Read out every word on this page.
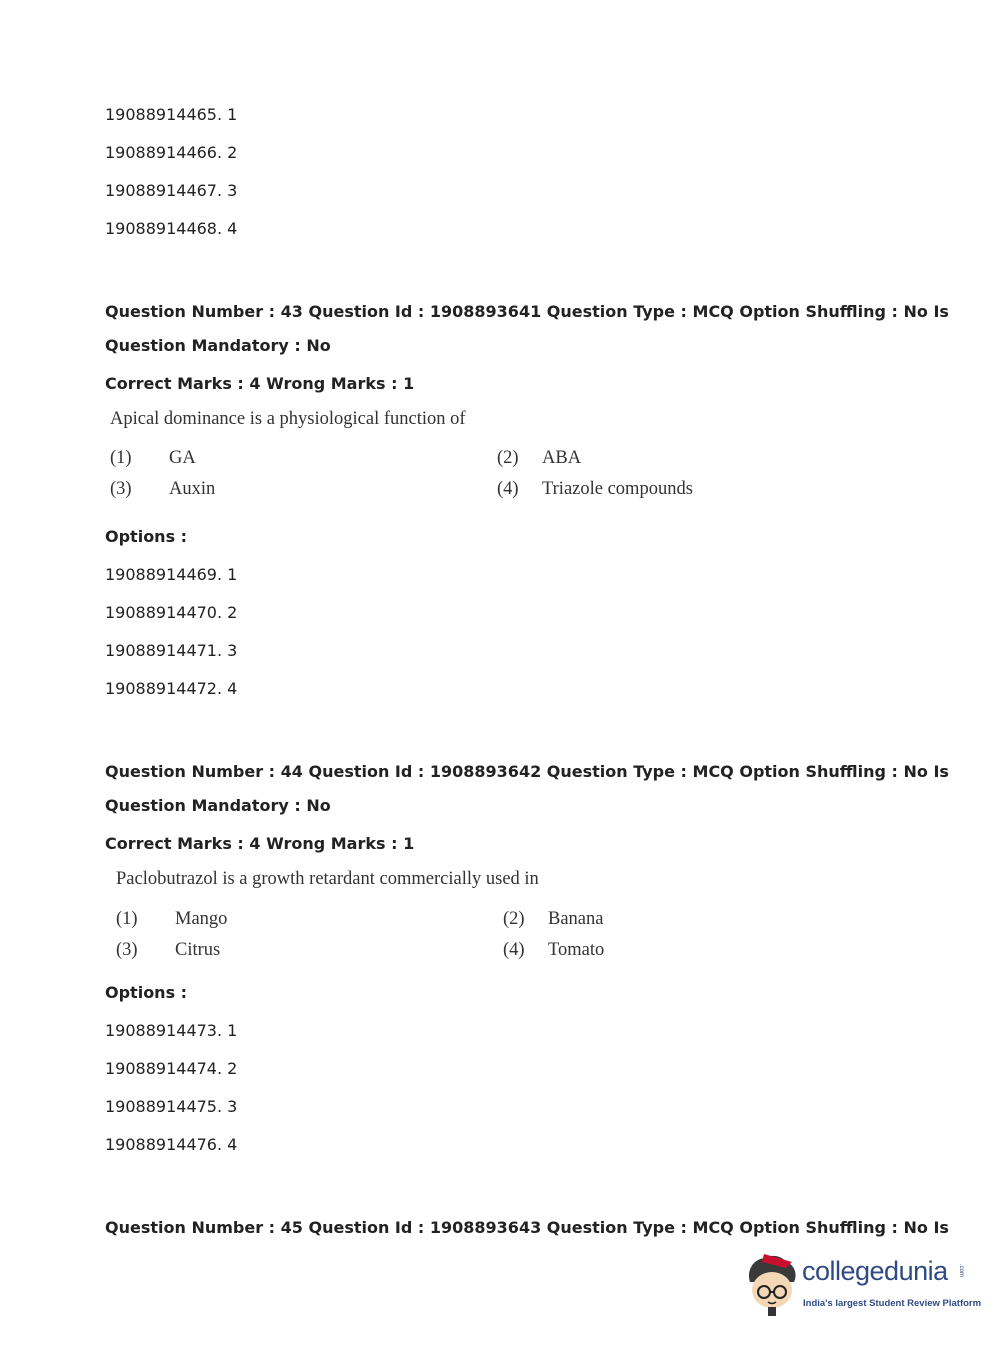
19088914465. 1
19088914466. 2
19088914467. 3
19088914468. 4
Question Number : 43 Question Id : 1908893641 Question Type : MCQ Option Shuffling : No Is
Question Mandatory : No
Correct Marks : 4 Wrong Marks : 1
Apical dominance is a physiological function of
(1) GA	(2) ABA
(3) Auxin	(4) Triazole compounds
Options :
19088914469. 1
19088914470. 2
19088914471. 3
19088914472. 4
Question Number : 44 Question Id : 1908893642 Question Type : MCQ Option Shuffling : No Is
Question Mandatory : No
Correct Marks : 4 Wrong Marks : 1
Paclobutrazol is a growth retardant commercially used in
(1) Mango	(2) Banana
(3) Citrus	(4) Tomato
Options :
19088914473. 1
19088914474. 2
19088914475. 3
19088914476. 4
Question Number : 45 Question Id : 1908893643 Question Type : MCQ Option Shuffling : No Is
collegedunia .com
India's largest Student Review Platform
